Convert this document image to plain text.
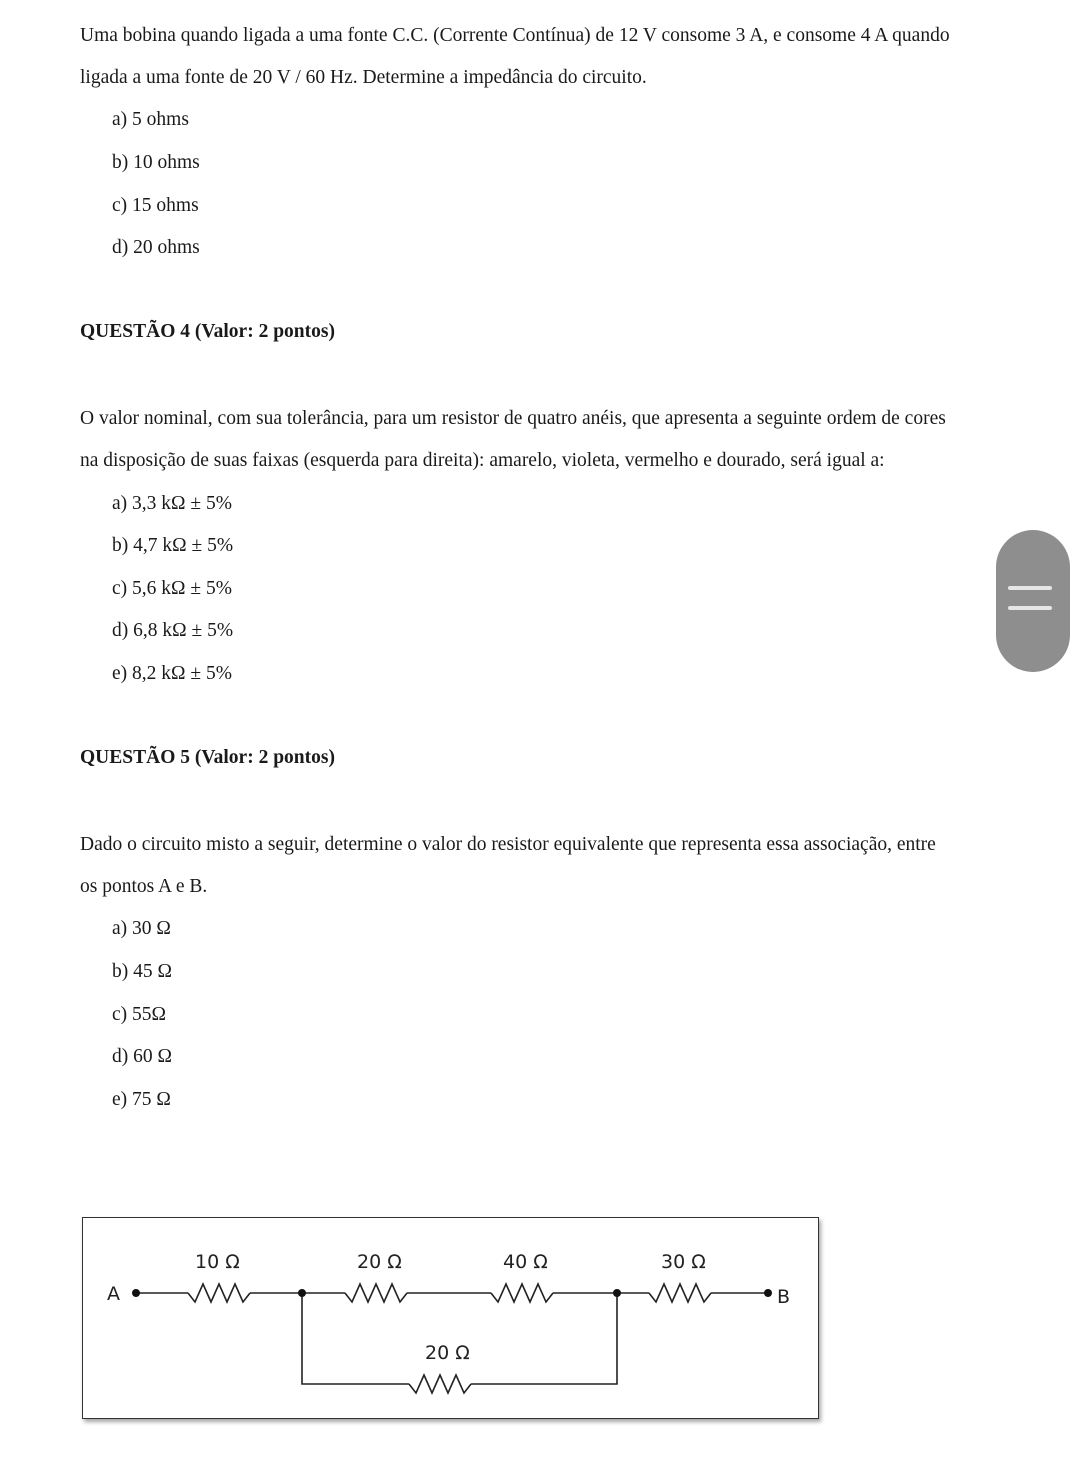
Uma bobina quando ligada a uma fonte C.C. (Corrente Contínua) de 12 V consome 3 A, e consome 4 A quando
ligada a uma fonte de 20 V / 60 Hz. Determine a impedância do circuito.
a) 5 ohms
b) 10 ohms
c) 15 ohms
d) 20 ohms
QUESTÃO 4 (Valor: 2 pontos)
O valor nominal, com sua tolerância, para um resistor de quatro anéis, que apresenta a seguinte ordem de cores
na disposição de suas faixas (esquerda para direita): amarelo, violeta, vermelho e dourado, será igual a:
a) 3,3 kΩ ± 5%
b) 4,7 kΩ ± 5%
c) 5,6 kΩ ± 5%
d) 6,8 kΩ ± 5%
e) 8,2 kΩ ± 5%
QUESTÃO 5 (Valor: 2 pontos)
Dado o circuito misto a seguir, determine o valor do resistor equivalente que representa essa associação, entre
os pontos A e B.
a) 30 Ω
b) 45 Ω
c) 55Ω
d) 60 Ω
e) 75 Ω
A	B
10 Ω	20 Ω	40 Ω	30 Ω
20 Ω
